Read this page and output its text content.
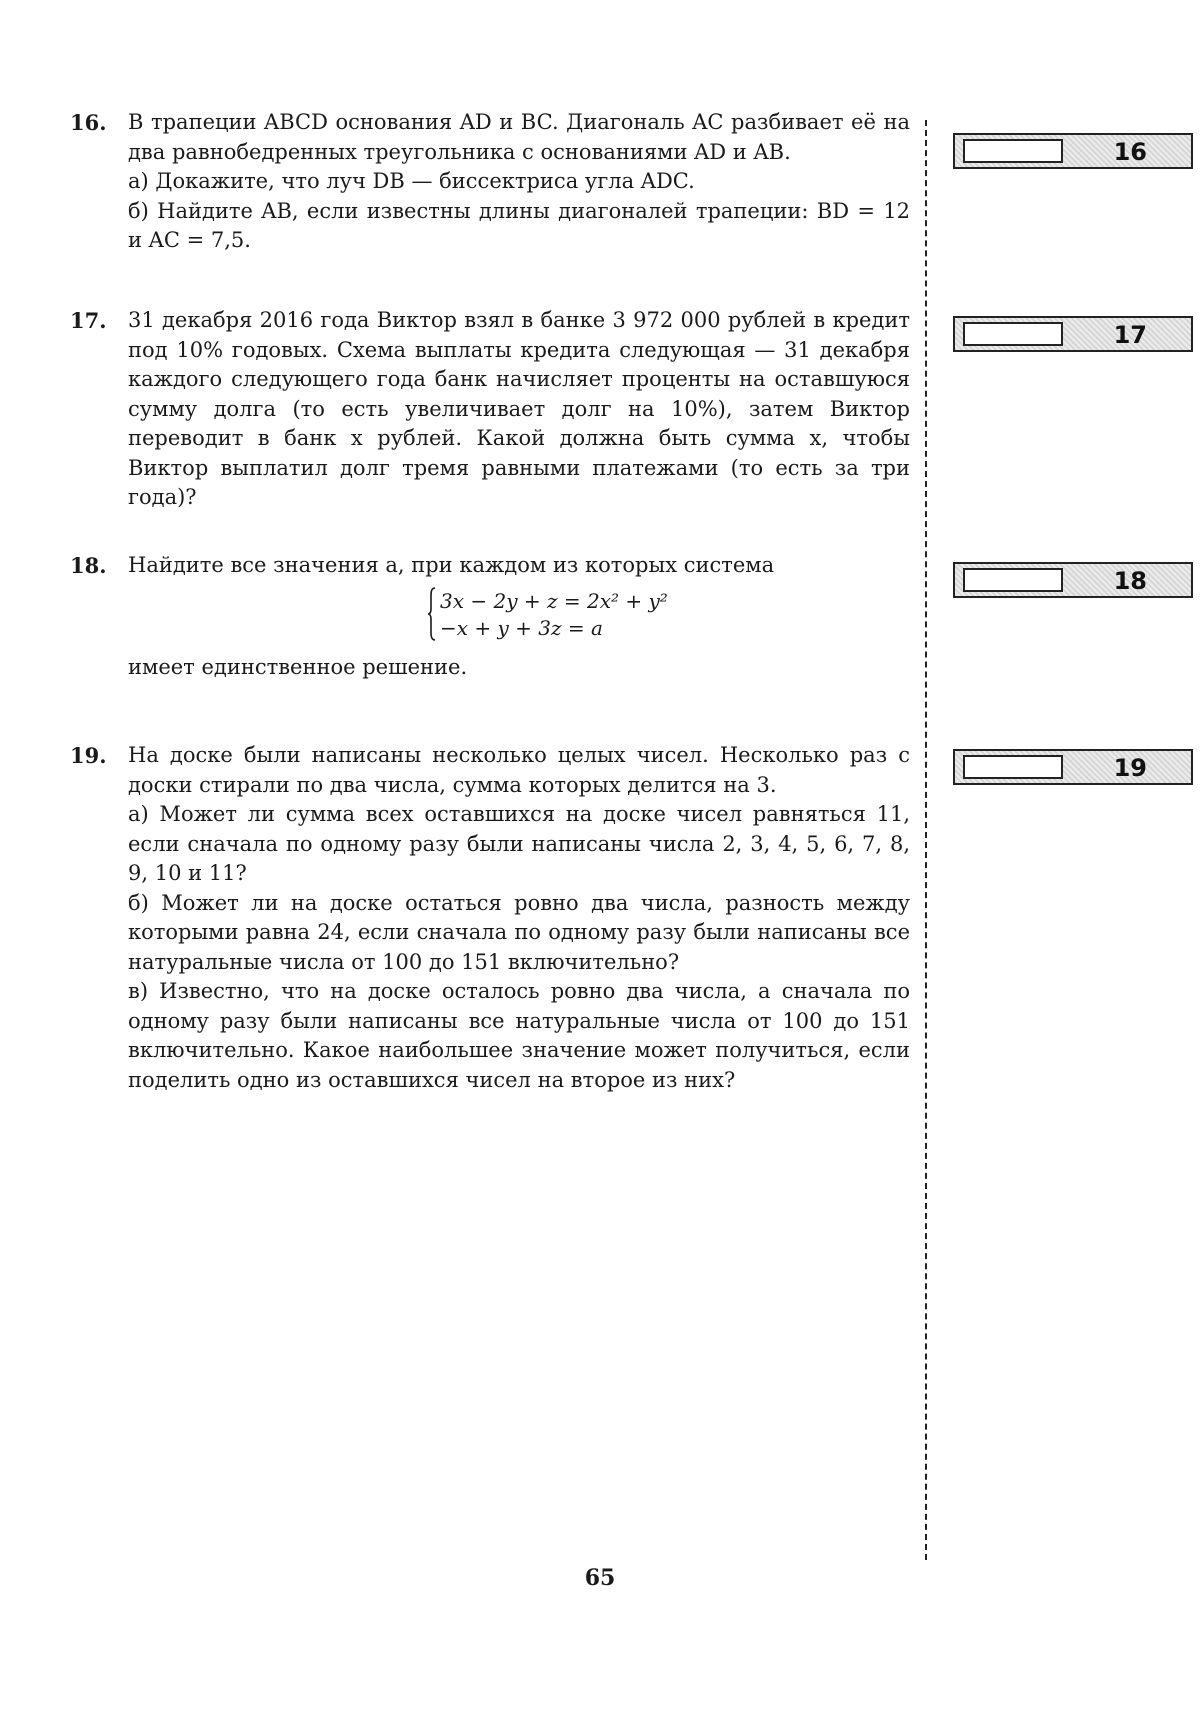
16. В трапеции ABCD основания AD и BC. Диагональ AC разбивает её на два равнобедренных треугольника с основаниями AD и AB.

а) Докажите, что луч DB — биссектриса угла ADC.

б) Найдите AB, если известны длины диагоналей трапеции: BD = 12 и AC = 7,5.

17. 31 декабря 2016 года Виктор взял в банке 3 972 000 рублей в кредит под 10% годовых. Схема выплаты кредита следующая — 31 декабря каждого следующего года банк начисляет проценты на оставшуюся сумму долга (то есть увеличивает долг на 10%), затем Виктор переводит в банк x рублей. Какой должна быть сумма x, чтобы Виктор выплатил долг тремя равными платежами (то есть за три года)?

18. Найдите все значения a, при каждом из которых система

3x − 2y + z = 2x² + y²
−x + y + 3z = a

имеет единственное решение.

19. На доске были написаны несколько целых чисел. Несколько раз с доски стирали по два числа, сумма которых делится на 3.

а) Может ли сумма всех оставшихся на доске чисел равняться 11, если сначала по одному разу были написаны числа 2, 3, 4, 5, 6, 7, 8, 9, 10 и 11?

б) Может ли на доске остаться ровно два числа, разность между которыми равна 24, если сначала по одному разу были написаны все натуральные числа от 100 до 151 включительно?

в) Известно, что на доске осталось ровно два числа, а сначала по одному разу были написаны все натуральные числа от 100 до 151 включительно. Какое наибольшее значение может получиться, если поделить одно из оставшихся чисел на второе из них?

16
17
18
19
65
